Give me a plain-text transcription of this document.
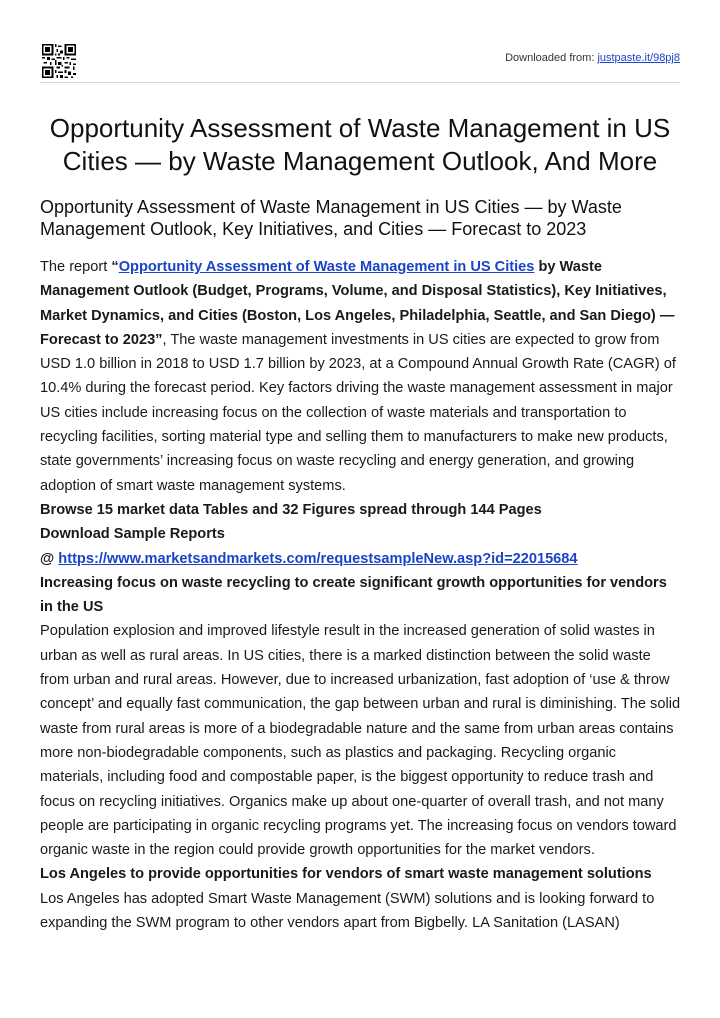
Downloaded from: justpaste.it/98pj8
Opportunity Assessment of Waste Management in US Cities — by Waste Management Outlook, And More
Opportunity Assessment of Waste Management in US Cities — by Waste Management Outlook, Key Initiatives, and Cities — Forecast to 2023

The report “Opportunity Assessment of Waste Management in US Cities by Waste Management Outlook (Budget, Programs, Volume, and Disposal Statistics), Key Initiatives, Market Dynamics, and Cities (Boston, Los Angeles, Philadelphia, Seattle, and San Diego) — Forecast to 2023”, The waste management investments in US cities are expected to grow from USD 1.0 billion in 2018 to USD 1.7 billion by 2023, at a Compound Annual Growth Rate (CAGR) of 10.4% during the forecast period. Key factors driving the waste management assessment in major US cities include increasing focus on the collection of waste materials and transportation to recycling facilities, sorting material type and selling them to manufacturers to make new products, state governments’ increasing focus on waste recycling and energy generation, and growing adoption of smart waste management systems.

Browse 15 market data Tables and 32 Figures spread through 144 Pages

Download Sample Reports

@ https://www.marketsandmarkets.com/requestsampleNew.asp?id=22015684

Increasing focus on waste recycling to create significant growth opportunities for vendors in the US

Population explosion and improved lifestyle result in the increased generation of solid wastes in urban as well as rural areas. In US cities, there is a marked distinction between the solid waste from urban and rural areas. However, due to increased urbanization, fast adoption of ‘use & throw concept’ and equally fast communication, the gap between urban and rural is diminishing. The solid waste from rural areas is more of a biodegradable nature and the same from urban areas contains more non-biodegradable components, such as plastics and packaging. Recycling organic materials, including food and compostable paper, is the biggest opportunity to reduce trash and focus on recycling initiatives. Organics make up about one-quarter of overall trash, and not many people are participating in organic recycling programs yet. The increasing focus on vendors toward organic waste in the region could provide growth opportunities for the market vendors.

Los Angeles to provide opportunities for vendors of smart waste management solutions

Los Angeles has adopted Smart Waste Management (SWM) solutions and is looking forward to expanding the SWM program to other vendors apart from Bigbelly. LA Sanitation (LASAN)
